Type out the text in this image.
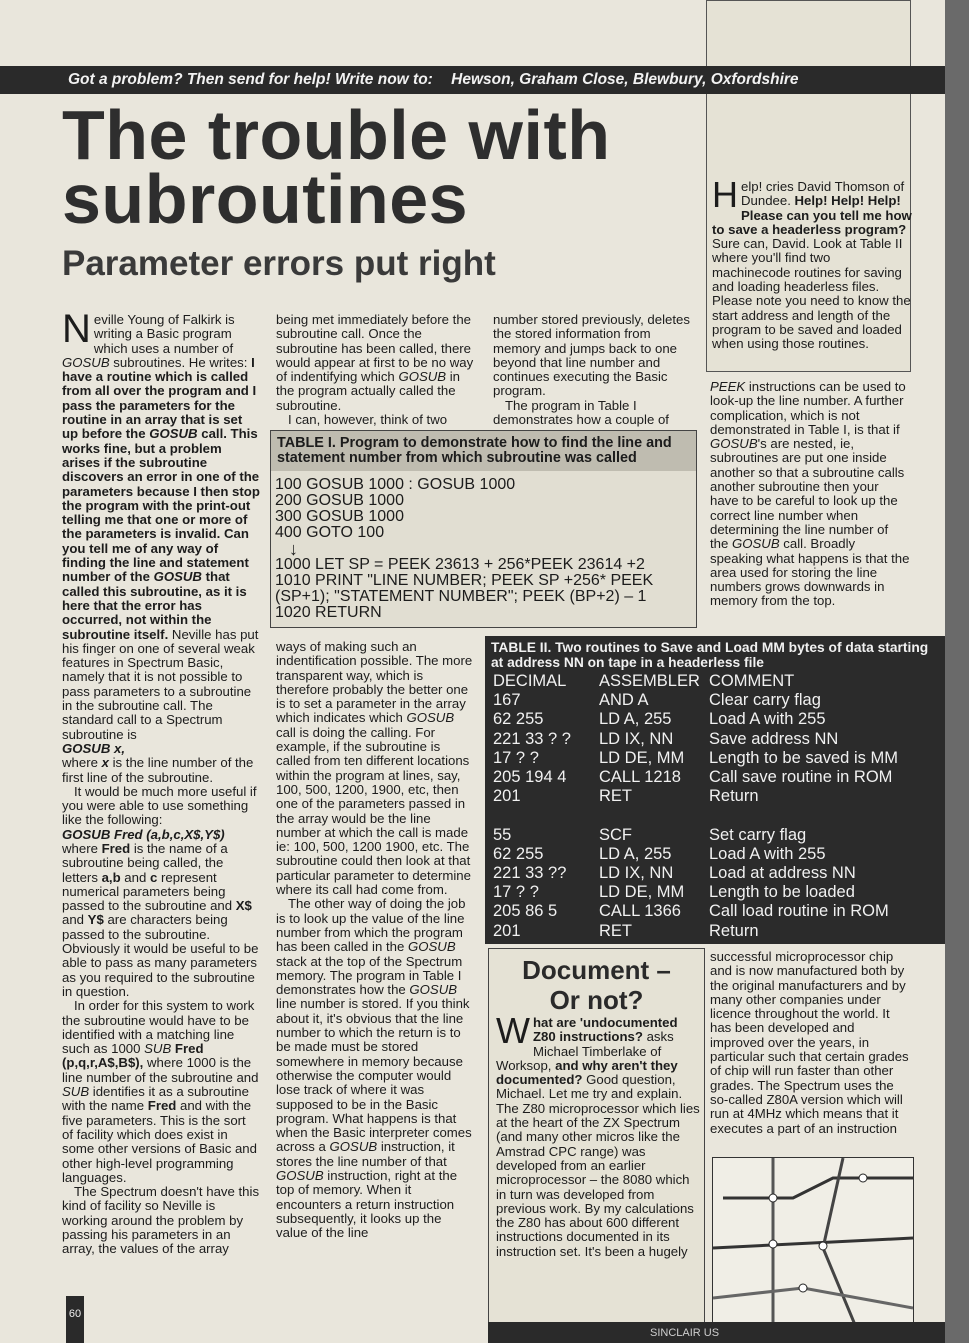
Got a problem? Then send for help! Write now to: Hewson, Graham Close, Blewbury, Oxfordshire
The trouble with subroutines
Parameter errors put right

Neville Young of Falkirk is writing a Basic program which uses a number of GOSUB subroutines. He writes: I have a routine which is called from all over the program and I pass the parameters for the routine in an array that is set up before the GOSUB call. This works fine, but a problem arises if the subroutine discovers an error in one of the parameters because I then stop the program with the print-out telling me that one or more of the parameters is invalid. Can you tell me of any way of finding the line and statement number of the GOSUB that called this subroutine, as it is here that the error has occurred, not within the subroutine itself. Neville has put his finger on one of several weak features in Spectrum Basic, namely that it is not possible to pass parameters to a subroutine in the subroutine call. The standard call to a Spectrum subroutine is
GOSUB x,
where x is the line number of the first line of the subroutine.

It would be much more useful if you were able to use something like the following:
GOSUB Fred (a,b,c,X$,Y$)
where Fred is the name of a subroutine being called, the letters a,b and c represent numerical parameters being passed to the subroutine and X$ and Y$ are characters being passed to the subroutine. Obviously it would be useful to be able to pass as many parameters as you required to the subroutine in question.

In order for this system to work the subroutine would have to be identified with a matching line such as 1000 SUB Fred (p,q,r,A$,B$), where 1000 is the line number of the subroutine and SUB identifies it as a subroutine with the name Fred and with the five parameters. This is the sort of facility which does exist in some other versions of Basic and other high-level programming languages.

The Spectrum doesn't have this kind of facility so Neville is working around the problem by passing his parameters in an array, the values of the array

being met immediately before the subroutine call. Once the subroutine has been called, there would appear at first to be no way of indentifying which GOSUB in the program actually called the subroutine.

I can, however, think of two

number stored previously, deletes the stored information from memory and jumps back to one beyond that line number and continues executing the Basic program.

The program in Table I demonstrates how a couple of

Help! cries David Thomson of Dundee. Help! Help! Help! Please can you tell me how to save a headerless program? Sure can, David. Look at Table II where you'll find two machinecode routines for saving and loading headerless files. Please note you need to know the start address and length of the program to be saved and loaded when using those routines.

PEEK instructions can be used to look-up the line number. A further complication, which is not demonstrated in Table I, is that if GOSUB's are nested, ie, subroutines are put one inside another so that a subroutine calls another subroutine then your have to be careful to look up the correct line number when determining the line number of the GOSUB call. Broadly speaking what happens is that the area used for storing the line numbers grows downwards in memory from the top.

TABLE I. Program to demonstrate how to find the line and statement number from which subroutine was called
100 GOSUB 1000 : GOSUB 1000
200 GOSUB 1000
300 GOSUB 1000
400 GOTO 100
↓
1000 LET SP = PEEK 23613 + 256*PEEK 23614 +2
1010 PRINT "LINE NUMBER; PEEK SP +256* PEEK
(SP+1); "STATEMENT NUMBER"; PEEK (BP+2) – 1
1020 RETURN

ways of making such an indentification possible. The more transparent way, which is therefore probably the better one is to set a parameter in the array which indicates which GOSUB call is doing the calling. For example, if the subroutine is called from ten different locations within the program at lines, say, 100, 500, 1200, 1900, etc, then one of the parameters passed in the array would be the line number at which the call is made ie: 100, 500, 1200 1900, etc. The subroutine could then look at that particular parameter to determine where its call had come from.

The other way of doing the job is to look up the value of the line number from which the program has been called in the GOSUB stack at the top of the Spectrum memory. The program in Table I demonstrates how the GOSUB line number is stored. If you think about it, it's obvious that the line number to which the return is to be made must be stored somewhere in memory because otherwise the computer would lose track of where it was supposed to be in the Basic program. What happens is that when the Basic interpreter comes across a GOSUB instruction, it stores the line number of that GOSUB instruction, right at the top of memory. When it encounters a return instruction subsequently, it looks up the value of the line

TABLE II. Two routines to Save and Load MM bytes of data starting at address NN on tape in a headerless file
DECIMAL	ASSEMBLER	COMMENT
167	AND A	Clear carry flag
62 255	LD A, 255	Load A with 255
221 33 ? ?	LD IX, NN	Save address NN
17 ? ?	LD DE, MM	Length to be saved is MM
205 194 4	CALL 1218	Call save routine in ROM
201	RET	Return

55	SCF	Set carry flag
62 255	LD A, 255	Load A with 255
221 33 ??	LD IX, NN	Load at address NN
17 ? ?	LD DE, MM	Length to be loaded
205 86 5	CALL 1366	Call load routine in ROM
201	RET	Return
Document –
Or not?

What are 'undocumented Z80 instructions? asks Michael Timberlake of Worksop, and why aren't they documented? Good question, Michael. Let me try and explain. The Z80 microprocessor which lies at the heart of the ZX Spectrum (and many other micros like the Amstrad CPC range) was developed from an earlier microprocessor – the 8080 which in turn was developed from previous work. By my calculations the Z80 has about 600 different instructions documented in its instruction set. It's been a hugely

successful microprocessor chip and is now manufactured both by the original manufacturers and by many other companies under licence throughout the world. It has been developed and improved over the years, in particular such that certain grades of chip will run faster than other grades. The Spectrum uses the so-called Z80A version which will run at 4MHz which means that it executes a part of an instruction
SINCLAIR US
60
